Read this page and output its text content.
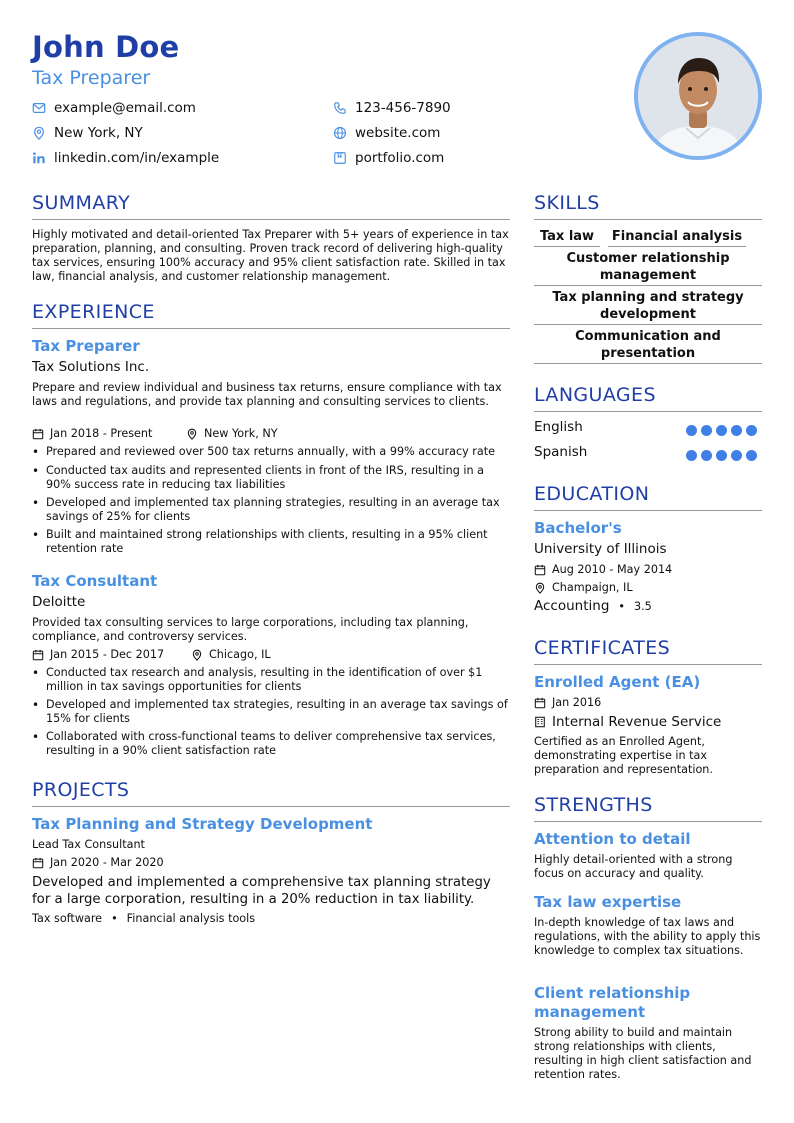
John Doe
Tax Preparer
example@email.com
New York, NY
linkedin.com/in/example
123-456-7890
website.com
portfolio.com
SUMMARY
Highly motivated and detail-oriented Tax Preparer with 5+ years of experience in tax preparation, planning, and consulting. Proven track record of delivering high-quality tax services, ensuring 100% accuracy and 95% client satisfaction rate. Skilled in tax law, financial analysis, and customer relationship management.
EXPERIENCE
Tax Preparer
Tax Solutions Inc.
Prepare and review individual and business tax returns, ensure compliance with tax laws and regulations, and provide tax planning and consulting services to clients.
Jan 2018 - Present	New York, NY
• Prepared and reviewed over 500 tax returns annually, with a 99% accuracy rate
• Conducted tax audits and represented clients in front of the IRS, resulting in a 90% success rate in reducing tax liabilities
• Developed and implemented tax planning strategies, resulting in an average tax savings of 25% for clients
• Built and maintained strong relationships with clients, resulting in a 95% client retention rate
Tax Consultant
Deloitte
Provided tax consulting services to large corporations, including tax planning, compliance, and controversy services.
Jan 2015 - Dec 2017	Chicago, IL
• Conducted tax research and analysis, resulting in the identification of over $1 million in tax savings opportunities for clients
• Developed and implemented tax strategies, resulting in an average tax savings of 15% for clients
• Collaborated with cross-functional teams to deliver comprehensive tax services, resulting in a 90% client satisfaction rate
PROJECTS
Tax Planning and Strategy Development
Lead Tax Consultant
Jan 2020 - Mar 2020
Developed and implemented a comprehensive tax planning strategy for a large corporation, resulting in a 20% reduction in tax liability.
Tax software • Financial analysis tools
SKILLS
Tax law	Financial analysis
Customer relationship management
Tax planning and strategy development
Communication and presentation
LANGUAGES
English
Spanish
EDUCATION
Bachelor's
University of Illinois
Aug 2010 - May 2014
Champaign, IL
Accounting • 3.5
CERTIFICATES
Enrolled Agent (EA)
Jan 2016
Internal Revenue Service
Certified as an Enrolled Agent, demonstrating expertise in tax preparation and representation.
STRENGTHS
Attention to detail
Highly detail-oriented with a strong focus on accuracy and quality.
Tax law expertise
In-depth knowledge of tax laws and regulations, with the ability to apply this knowledge to complex tax situations.
Client relationship management
Strong ability to build and maintain strong relationships with clients, resulting in high client satisfaction and retention rates.
